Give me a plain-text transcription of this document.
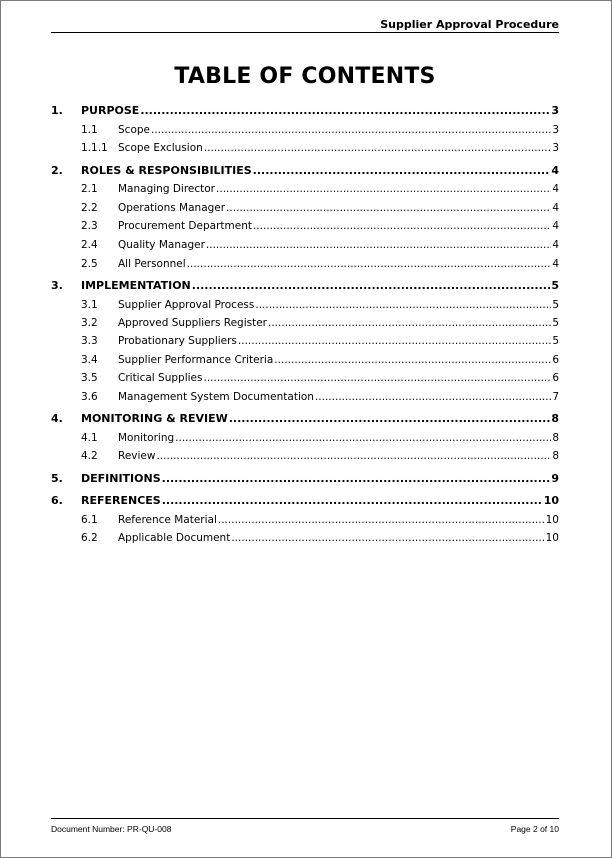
Supplier Approval Procedure
TABLE OF CONTENTS
1. PURPOSE .....	3
1.1 Scope .....	3
1.1.1 Scope Exclusion .....	3
2. ROLES & RESPONSIBILITIES .....	4
2.1 Managing Director .....	4
2.2 Operations Manager .....	4
2.3 Procurement Department .....	4
2.4 Quality Manager .....	4
2.5 All Personnel .....	4
3. IMPLEMENTATION .....	5
3.1 Supplier Approval Process .....	5
3.2 Approved Suppliers Register .....	5
3.3 Probationary Suppliers .....	5
3.4 Supplier Performance Criteria .....	6
3.5 Critical Supplies .....	6
3.6 Management System Documentation .....	7
4. MONITORING & REVIEW .....	8
4.1 Monitoring .....	8
4.2 Review .....	8
5. DEFINITIONS .....	9
6. REFERENCES .....	10
6.1 Reference Material .....	10
6.2 Applicable Document .....	10
Document Number: PR-QU-008	Page 2 of 10
